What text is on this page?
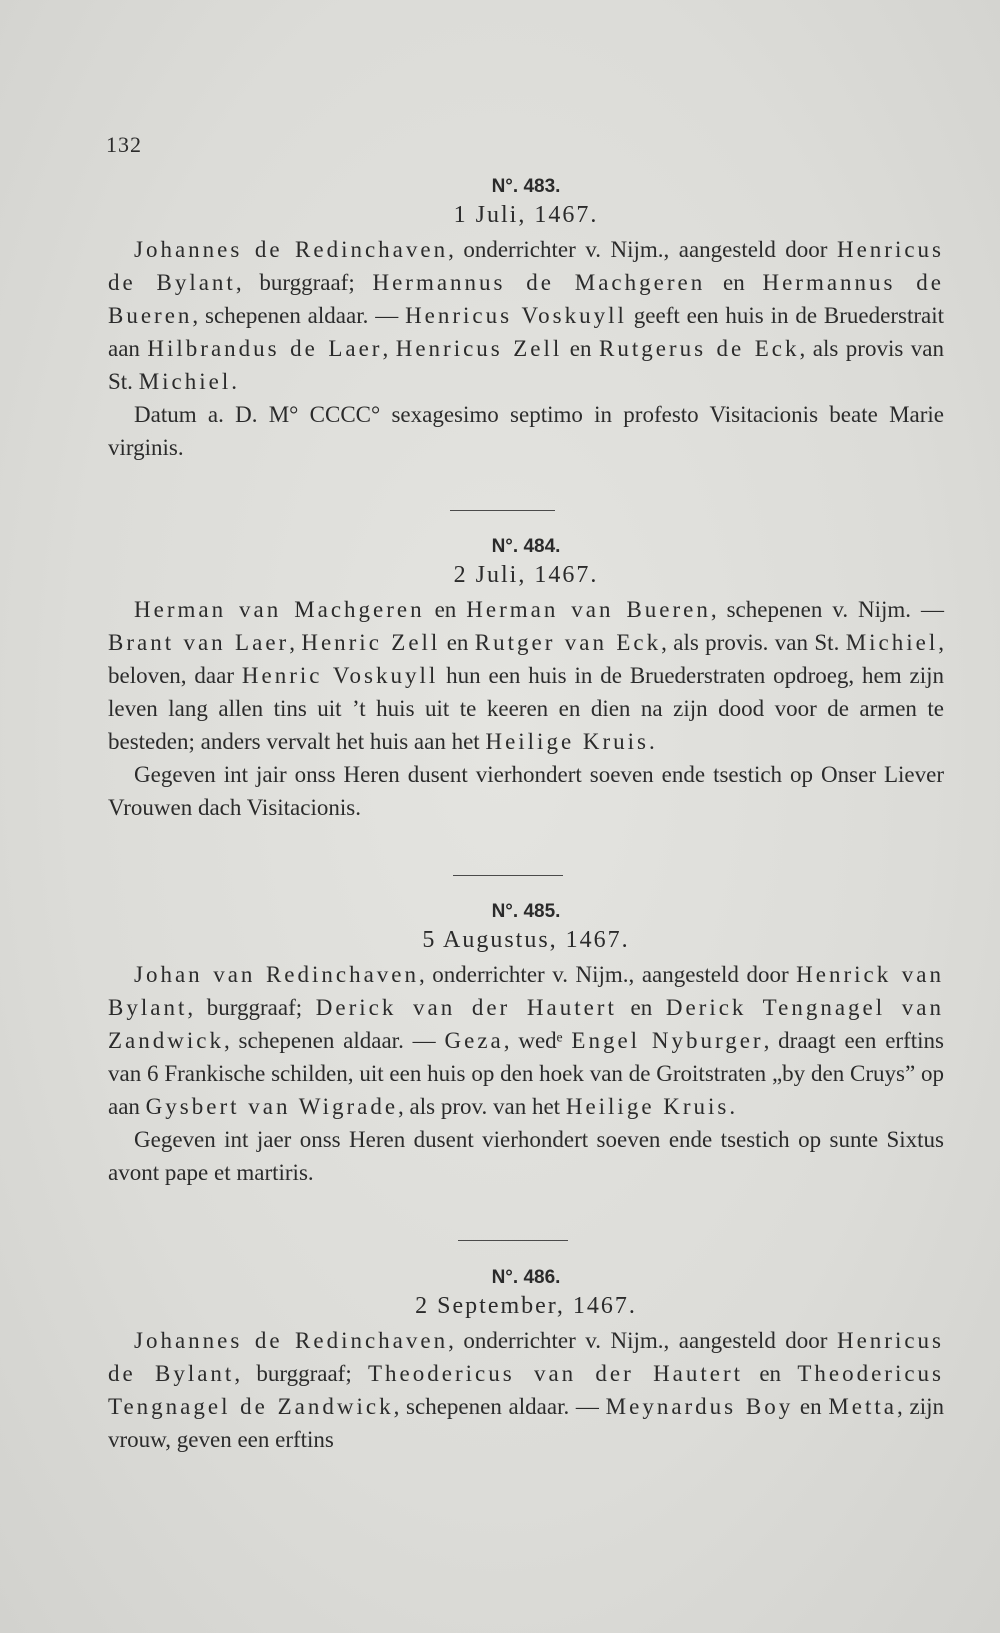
132
N°. 483.
1 Juli, 1467.

Johannes de Redinchaven, onderrichter v. Nijm., aangesteld door Henricus de Bylant, burggraaf; Hermannus de Machgeren en Hermannus de Bueren, schepenen aldaar. — Henricus Voskuyll geeft een huis in de Bruederstrait aan Hilbrandus de Laer, Henricus Zell en Rutgerus de Eck, als provis van St. Michiel.

Datum a. D. M° CCCC° sexagesimo septimo in profesto Visitacionis beate Marie virginis.

N°. 484.
2 Juli, 1467.

Herman van Machgeren en Herman van Bueren, schepenen v. Nijm. — Brant van Laer, Henric Zell en Rutger van Eck, als provis. van St. Michiel, beloven, daar Henric Voskuyll hun een huis in de Bruederstraten opdroeg, hem zijn leven lang allen tins uit ’t huis uit te keeren en dien na zijn dood voor de armen te besteden; anders vervalt het huis aan het Heilige Kruis.

Gegeven int jair onss Heren dusent vierhondert soeven ende tsestich op Onser Liever Vrouwen dach Visitacionis.

N°. 485.
5 Augustus, 1467.

Johan van Redinchaven, onderrichter v. Nijm., aangesteld door Henrick van Bylant, burggraaf; Derick van der Hautert en Derick Tengnagel van Zandwick, schepenen aldaar. — Geza, wedᵉ Engel Nyburger, draagt een erftins van 6 Frankische schilden, uit een huis op den hoek van de Groitstraten „by den Cruys” op aan Gysbert van Wigrade, als prov. van het Heilige Kruis.

Gegeven int jaer onss Heren dusent vierhondert soeven ende tsestich op sunte Sixtus avont pape et martiris.

N°. 486.
2 September, 1467.

Johannes de Redinchaven, onderrichter v. Nijm., aangesteld door Henricus de Bylant, burggraaf; Theodericus van der Hautert en Theodericus Tengnagel de Zandwick, schepenen aldaar. — Meynardus Boy en Metta, zijn vrouw, geven een erftins
